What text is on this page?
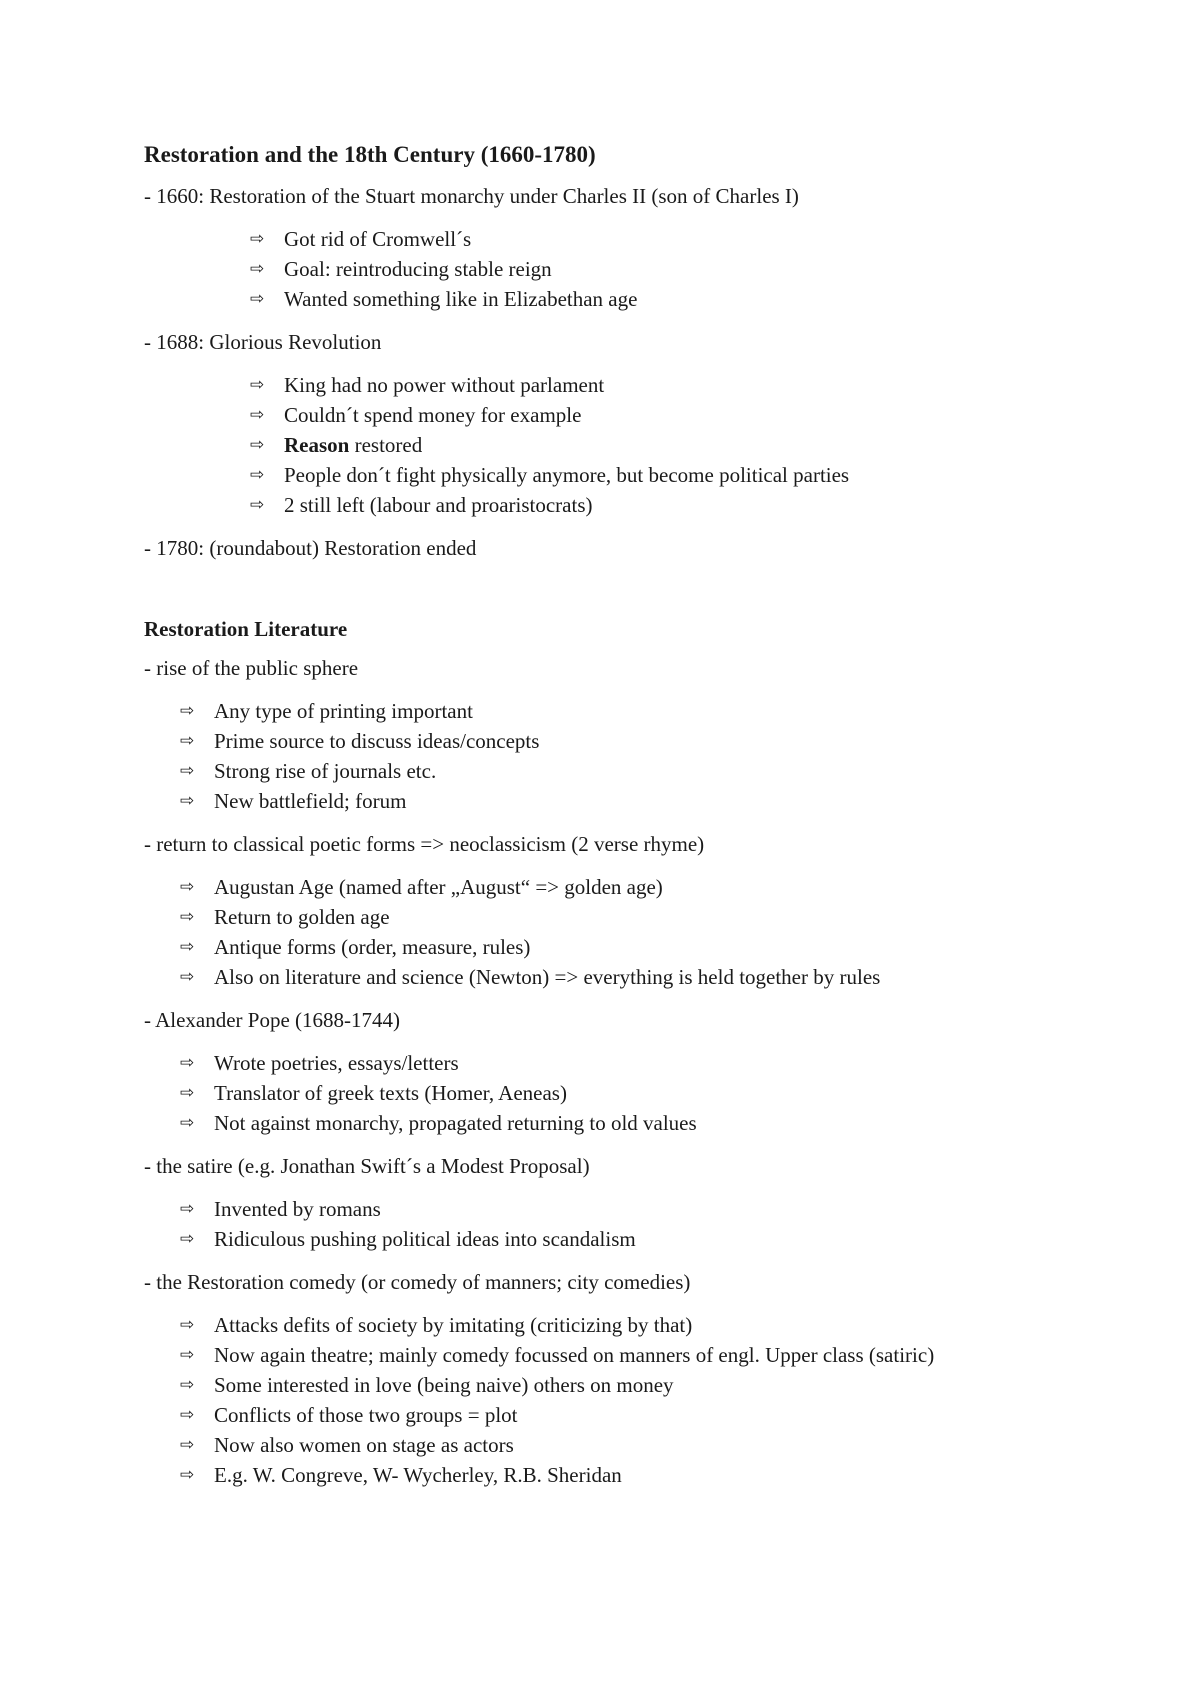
Restoration and the 18th Century (1660-1780)

- 1660: Restoration of the Stuart monarchy under Charles II (son of Charles I)

⇨ Got rid of Cromwell´s
⇨ Goal: reintroducing stable reign
⇨ Wanted something like in Elizabethan age

- 1688: Glorious Revolution

⇨ King had no power without parlament
⇨ Couldn´t spend money for example
⇨ Reason restored
⇨ People don´t fight physically anymore, but become political parties
⇨ 2 still left (labour and proaristocrats)

- 1780: (roundabout) Restoration ended

Restoration Literature

- rise of the public sphere

⇨ Any type of printing important
⇨ Prime source to discuss ideas/concepts
⇨ Strong rise of journals etc.
⇨ New battlefield; forum

- return to classical poetic forms => neoclassicism (2 verse rhyme)

⇨ Augustan Age (named after „August“ => golden age)
⇨ Return to golden age
⇨ Antique forms (order, measure, rules)
⇨ Also on literature and science (Newton) => everything is held together by rules

- Alexander Pope (1688-1744)

⇨ Wrote poetries, essays/letters
⇨ Translator of greek texts (Homer, Aeneas)
⇨ Not against monarchy, propagated returning to old values

- the satire (e.g. Jonathan Swift´s a Modest Proposal)

⇨ Invented by romans
⇨ Ridiculous pushing political ideas into scandalism

- the Restoration comedy (or comedy of manners; city comedies)

⇨ Attacks defits of society by imitating (criticizing by that)
⇨ Now again theatre; mainly comedy focussed on manners of engl. Upper class (satiric)
⇨ Some interested in love (being naive) others on money
⇨ Conflicts of those two groups = plot
⇨ Now also women on stage as actors
⇨ E.g. W. Congreve, W- Wycherley, R.B. Sheridan
